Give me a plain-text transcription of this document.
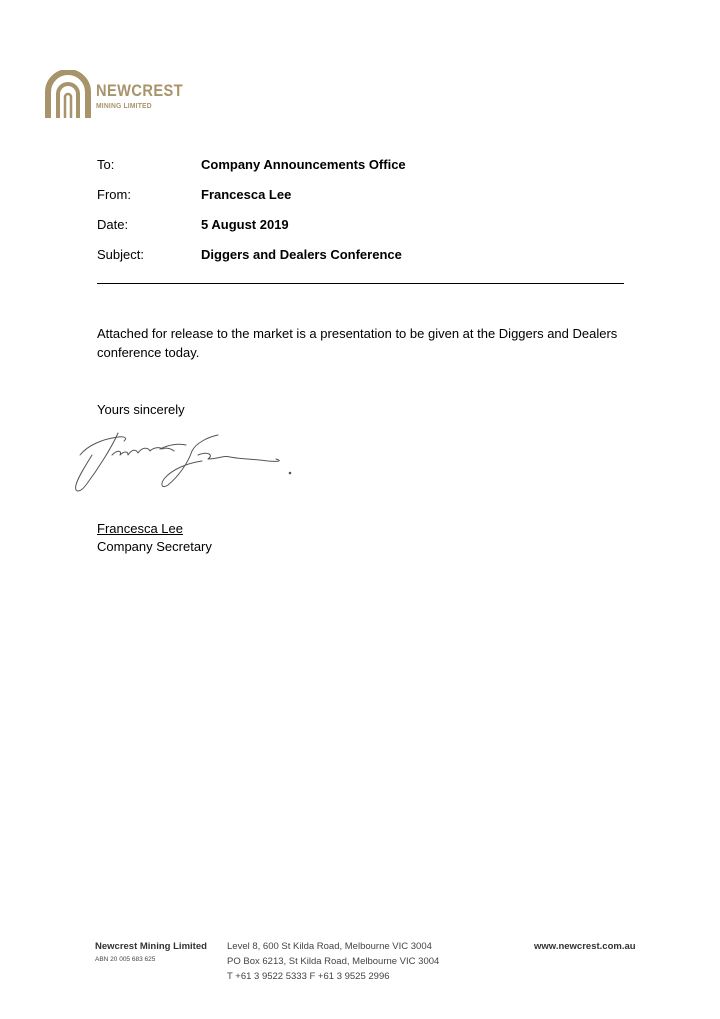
NEWCREST
MINING LIMITED
To:	Company Announcements Office
From:	Francesca Lee
Date:	5 August 2019
Subject:	Diggers and Dealers Conference
Attached for release to the market is a presentation to be given at the Diggers and Dealers conference today.
Yours sincerely
Francesca Lee
Company Secretary
Newcrest Mining Limited
ABN 20 005 683 625
Level 8, 600 St Kilda Road, Melbourne VIC 3004
PO Box 6213, St Kilda Road, Melbourne VIC 3004
T +61 3 9522 5333 F +61 3 9525 2996
www.newcrest.com.au
